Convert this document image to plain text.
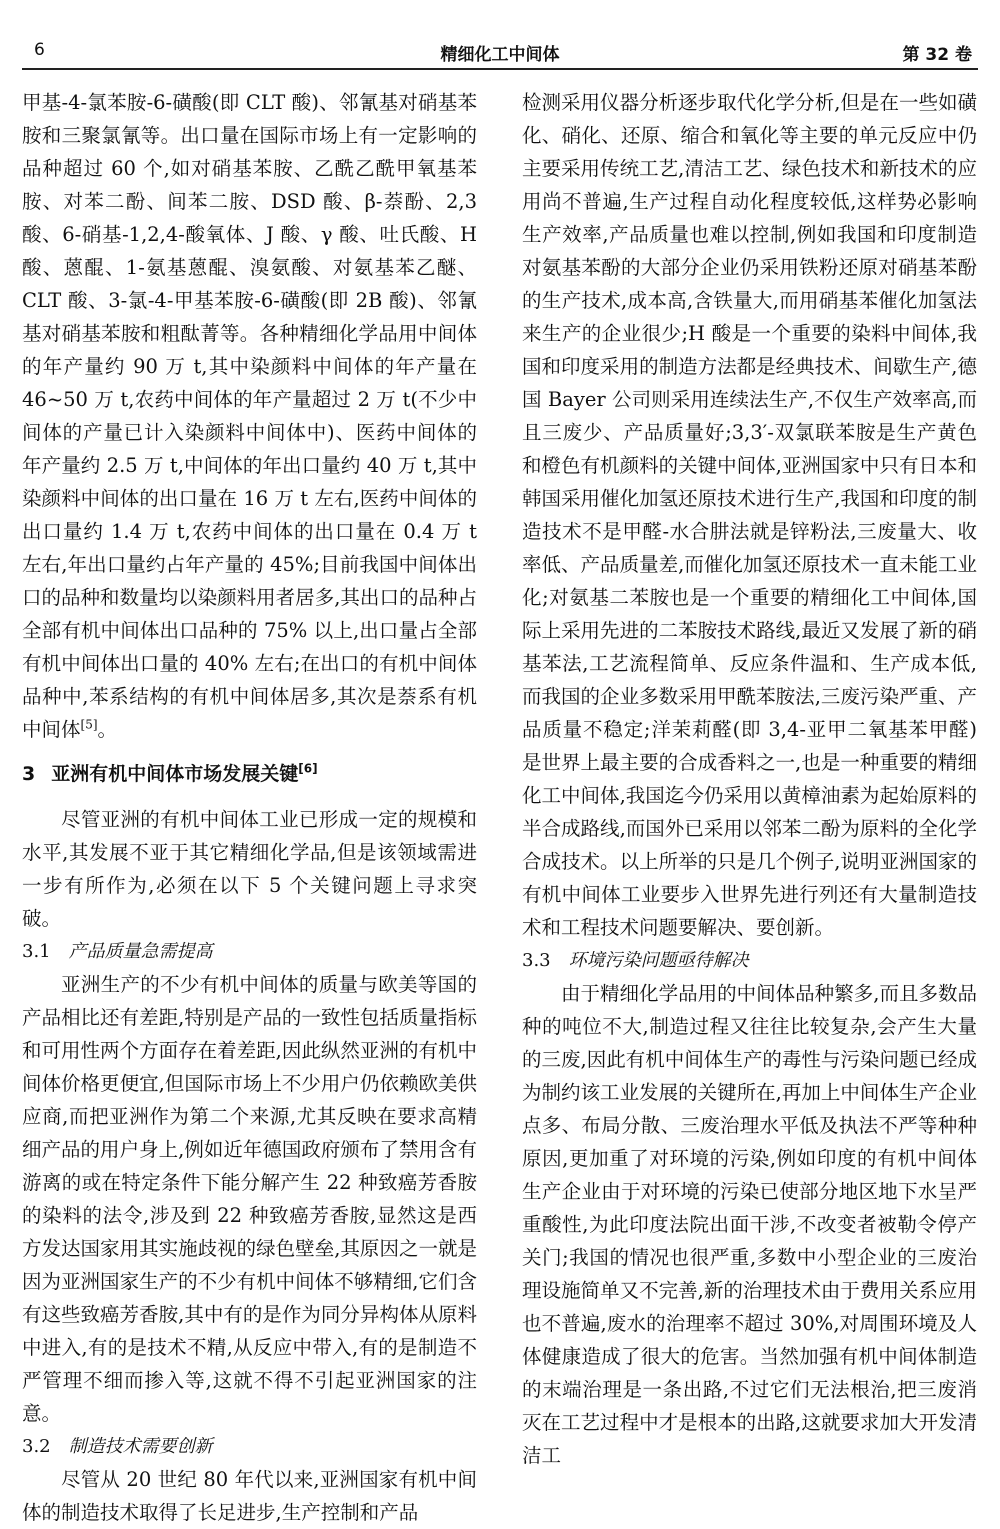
6	精细化工中间体	第 32 卷

甲基-4-氯苯胺-6-磺酸(即 CLT 酸)、邻氰基对硝基苯胺和三聚氯氰等。出口量在国际市场上有一定影响的品种超过 60 个,如对硝基苯胺、乙酰乙酰甲氧基苯胺、对苯二酚、间苯二胺、DSD 酸、β-萘酚、2,3 酸、6-硝基-1,2,4-酸氧体、J 酸、γ 酸、吐氏酸、H 酸、蒽醌、1-氨基蒽醌、溴氨酸、对氨基苯乙醚、CLT 酸、3-氯-4-甲基苯胺-6-磺酸(即 2B 酸)、邻氰基对硝基苯胺和粗酞菁等。各种精细化学品用中间体的年产量约 90 万 t,其中染颜料中间体的年产量在 46~50 万 t,农药中间体的年产量超过 2 万 t(不少中间体的产量已计入染颜料中间体中)、医药中间体的年产量约 2.5 万 t,中间体的年出口量约 40 万 t,其中染颜料中间体的出口量在 16 万 t 左右,医药中间体的出口量约 1.4 万 t,农药中间体的出口量在 0.4 万 t 左右,年出口量约占年产量的 45%;目前我国中间体出口的品种和数量均以染颜料用者居多,其出口的品种占全部有机中间体出口品种的 75% 以上,出口量占全部有机中间体出口量的 40% 左右;在出口的有机中间体品种中,苯系结构的有机中间体居多,其次是萘系有机中间体[5]。

3 亚洲有机中间体市场发展关键[6]

尽管亚洲的有机中间体工业已形成一定的规模和水平,其发展不亚于其它精细化学品,但是该领域需进一步有所作为,必须在以下 5 个关键问题上寻求突破。

3.1 产品质量急需提高

亚洲生产的不少有机中间体的质量与欧美等国的产品相比还有差距,特别是产品的一致性包括质量指标和可用性两个方面存在着差距,因此纵然亚洲的有机中间体价格更便宜,但国际市场上不少用户仍依赖欧美供应商,而把亚洲作为第二个来源,尤其反映在要求高精细产品的用户身上,例如近年德国政府颁布了禁用含有游离的或在特定条件下能分解产生 22 种致癌芳香胺的染料的法令,涉及到 22 种致癌芳香胺,显然这是西方发达国家用其实施歧视的绿色壁垒,其原因之一就是因为亚洲国家生产的不少有机中间体不够精细,它们含有这些致癌芳香胺,其中有的是作为同分异构体从原料中进入,有的是技术不精,从反应中带入,有的是制造不严管理不细而掺入等,这就不得不引起亚洲国家的注意。

3.2 制造技术需要创新

尽管从 20 世纪 80 年代以来,亚洲国家有机中间体的制造技术取得了长足进步,生产控制和产品

检测采用仪器分析逐步取代化学分析,但是在一些如磺化、硝化、还原、缩合和氧化等主要的单元反应中仍主要采用传统工艺,清洁工艺、绿色技术和新技术的应用尚不普遍,生产过程自动化程度较低,这样势必影响生产效率,产品质量也难以控制,例如我国和印度制造对氨基苯酚的大部分企业仍采用铁粉还原对硝基苯酚的生产技术,成本高,含铁量大,而用硝基苯催化加氢法来生产的企业很少;H 酸是一个重要的染料中间体,我国和印度采用的制造方法都是经典技术、间歇生产,德国 Bayer 公司则采用连续法生产,不仅生产效率高,而且三废少、产品质量好;3,3′-双氯联苯胺是生产黄色和橙色有机颜料的关键中间体,亚洲国家中只有日本和韩国采用催化加氢还原技术进行生产,我国和印度的制造技术不是甲醛-水合肼法就是锌粉法,三废量大、收率低、产品质量差,而催化加氢还原技术一直未能工业化;对氨基二苯胺也是一个重要的精细化工中间体,国际上采用先进的二苯胺技术路线,最近又发展了新的硝基苯法,工艺流程简单、反应条件温和、生产成本低,而我国的企业多数采用甲酰苯胺法,三废污染严重、产品质量不稳定;洋茉莉醛(即 3,4-亚甲二氧基苯甲醛)是世界上最主要的合成香料之一,也是一种重要的精细化工中间体,我国迄今仍采用以黄樟油素为起始原料的半合成路线,而国外已采用以邻苯二酚为原料的全化学合成技术。以上所举的只是几个例子,说明亚洲国家的有机中间体工业要步入世界先进行列还有大量制造技术和工程技术问题要解决、要创新。

3.3 环境污染问题亟待解决

由于精细化学品用的中间体品种繁多,而且多数品种的吨位不大,制造过程又往往比较复杂,会产生大量的三废,因此有机中间体生产的毒性与污染问题已经成为制约该工业发展的关键所在,再加上中间体生产企业点多、布局分散、三废治理水平低及执法不严等种种原因,更加重了对环境的污染,例如印度的有机中间体生产企业由于对环境的污染已使部分地区地下水呈严重酸性,为此印度法院出面干涉,不改变者被勒令停产关门;我国的情况也很严重,多数中小型企业的三废治理设施简单又不完善,新的治理技术由于费用关系应用也不普遍,废水的治理率不超过 30%,对周围环境及人体健康造成了很大的危害。当然加强有机中间体制造的末端治理是一条出路,不过它们无法根治,把三废消灭在工艺过程中才是根本的出路,这就要求加大开发清洁工
